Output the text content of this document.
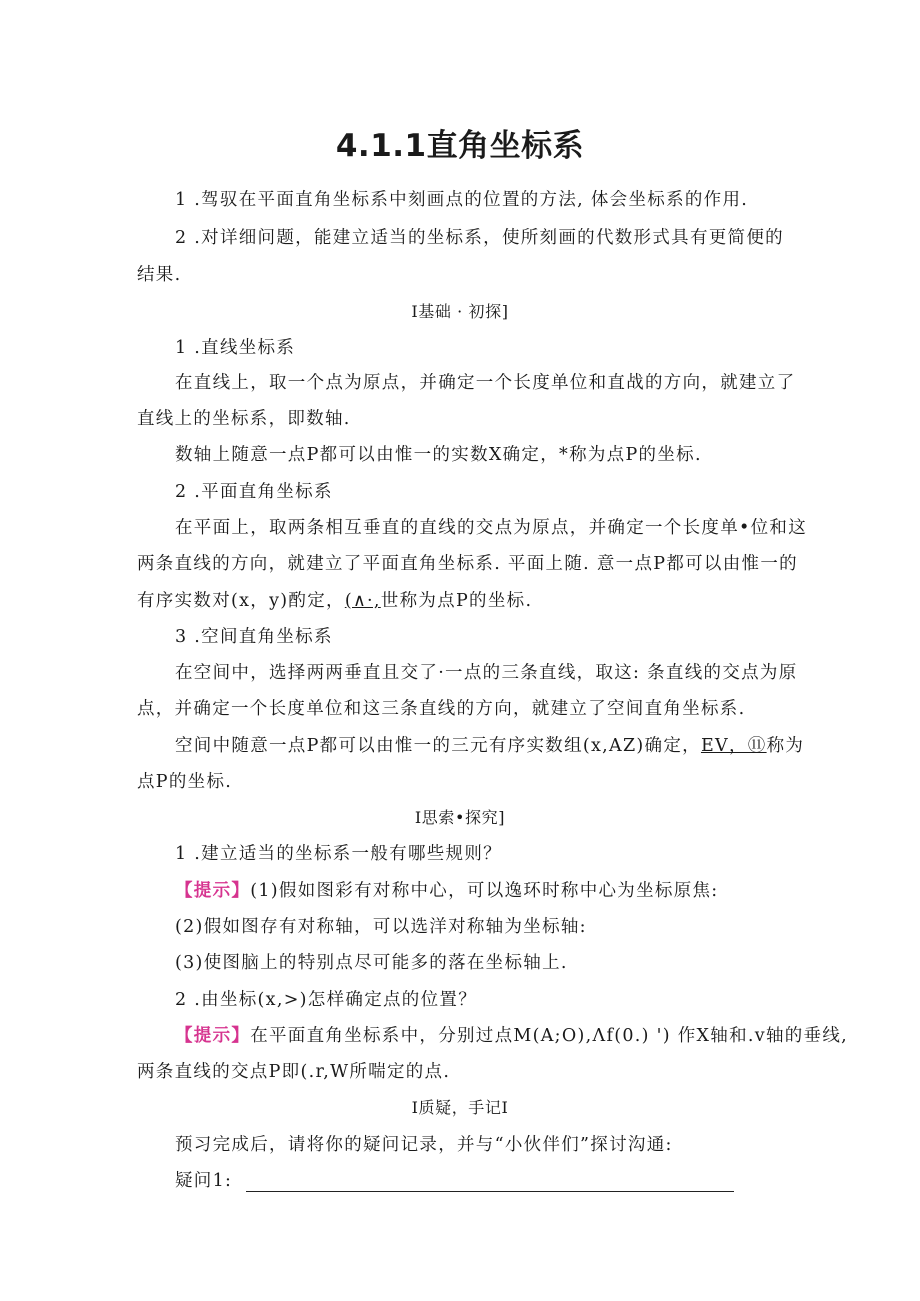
4.1.1直角坐标系

1 .驾驭在平面直角坐标系中刻画点的位置的方法, 体会坐标系的作用.

2 .对详细问题，能建立适当的坐标系，使所刻画的代数形式具有更简便的

结果.

I基础 · 初探]

1 .直线坐标系

在直线上，取一个点为原点，并确定一个长度单位和直战的方向，就建立了

直线上的坐标系，即数轴.

数轴上随意一点P都可以由惟一的实数X确定，*称为点P的坐标.

2 .平面直角坐标系

在平面上，取两条相互垂直的直线的交点为原点，并确定一个长度单•位和这

两条直线的方向，就建立了平面直角坐标系. 平面上随. 意一点P都可以由惟一的

有序实数对(x，y)酌定，(∧·,世称为点P的坐标.

3 .空间直角坐标系

在空间中，选择两两垂直且交了·一点的三条直线，取这: 条直线的交点为原

点，并确定一个长度单位和这三条直线的方向，就建立了空间直角坐标系.

空间中随意一点P都可以由惟一的三元有序实数组(x,AZ)确定，EV，⑪称为

点P的坐标.

I思索•探究]

1 .建立适当的坐标系一般有哪些规则？

【提示】(1)假如图彩有对称中心，可以逸环时称中心为坐标原焦:

(2)假如图存有对称轴，可以选洋对称轴为坐标轴:

(3)使图脑上的特别点尽可能多的落在坐标轴上.

2 .由坐标(x,>)怎样确定点的位置？

【提示】在平面直角坐标系中，分别过点M(A;O),Λf(0.) ') 作X轴和.v轴的垂线,

两条直线的交点P即(.r,W所喘定的点.

I质疑，手记I

预习完成后，请将你的疑问记录，并与“小伙伴们”探讨沟通:

疑问1:
